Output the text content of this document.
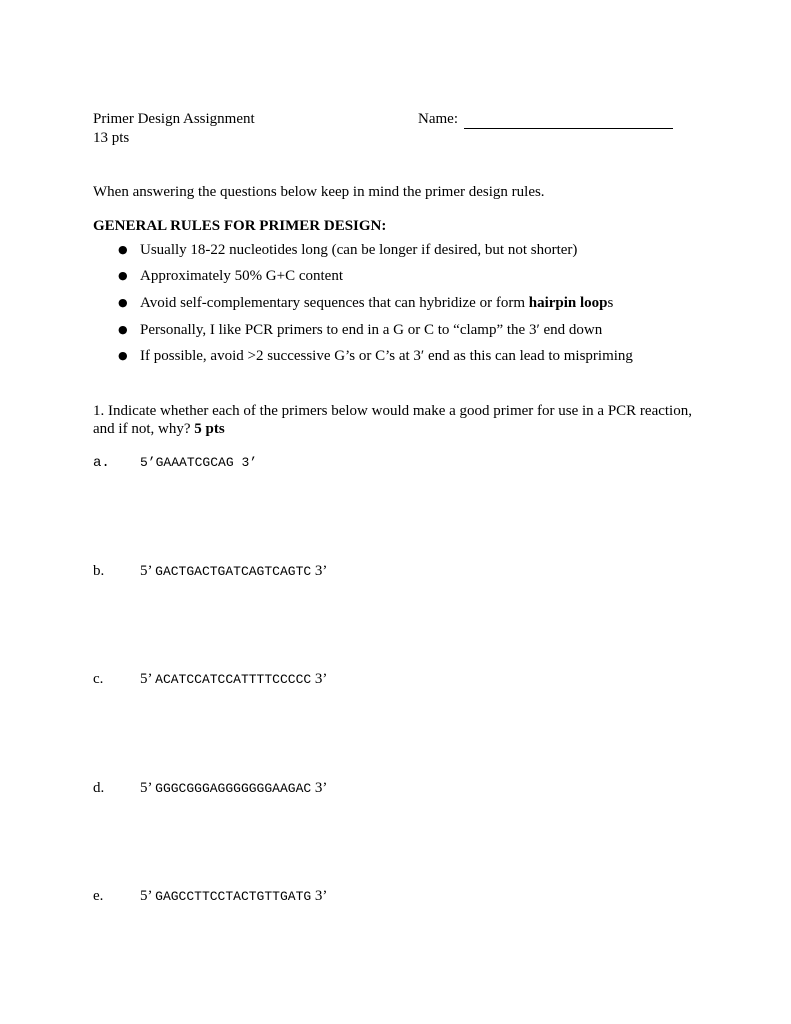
Primer Design Assignment
13 pts
Name:
When answering the questions below keep in mind the primer design rules.
GENERAL RULES FOR PRIMER DESIGN:
● Usually 18-22 nucleotides long (can be longer if desired, but not shorter)
● Approximately 50% G+C content
● Avoid self-complementary sequences that can hybridize or form hairpin loops
● Personally, I like PCR primers to end in a G or C to “clamp” the 3′ end down
● If possible, avoid >2 successive G’s or C’s at 3′ end as this can lead to mispriming
1. Indicate whether each of the primers below would make a good primer for use in a PCR reaction, and if not, why? 5 pts
a. 5’GAAATCGCAG 3’
b. 5’ GACTGACTGATCAGTCAGTC 3’
c. 5’ ACATCCATCCATTTTCCCCC 3’
d. 5’ GGGCGGGAGGGGGGGAAGAC 3’
e. 5’ GAGCCTTCCTACTGTTGATG 3’
